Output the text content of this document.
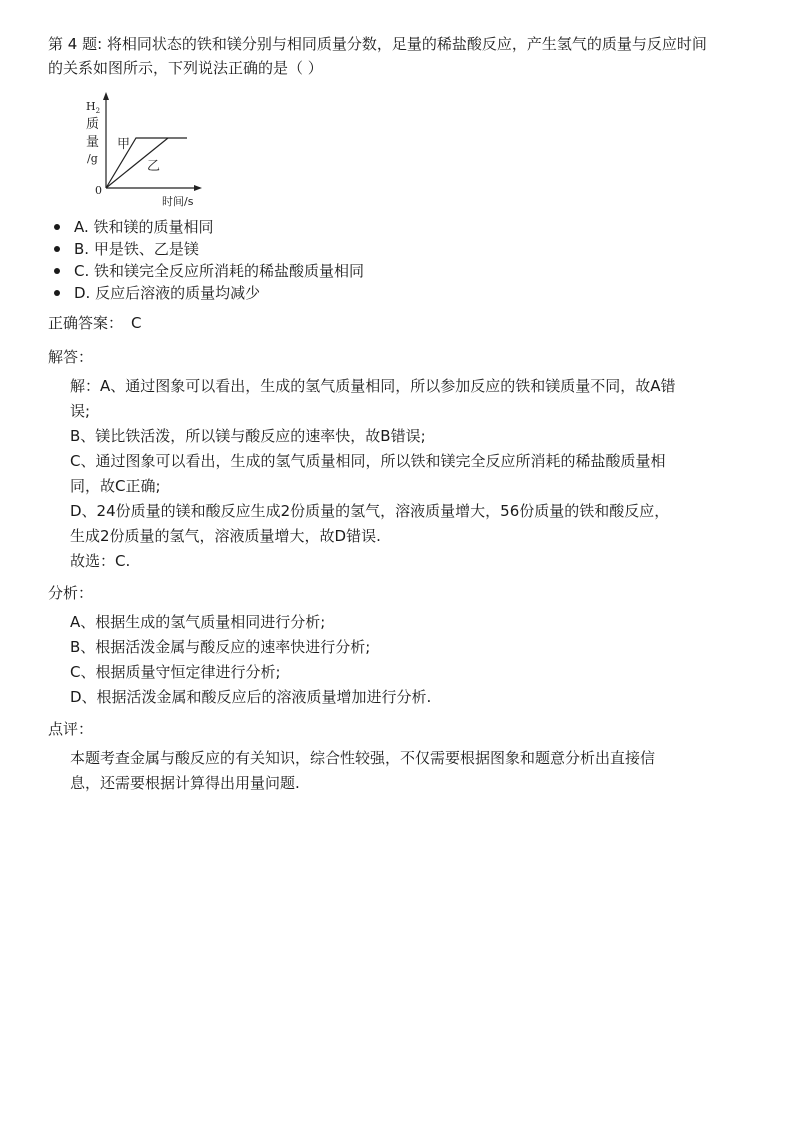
第 4 题: 将相同状态的铁和镁分别与相同质量分数，足量的稀盐酸反应，产生氢气的质量与反应时间
的关系如图所示，下列说法正确的是（ ）

$H_2$
质
量
/g
0
时间/s
甲
乙
A. 铁和镁的质量相同
B. 甲是铁、乙是镁
C. 铁和镁完全反应所消耗的稀盐酸质量相同
D. 反应后溶液的质量均减少
正确答案： C
解答：

解：A、通过图象可以看出，生成的氢气质量相同，所以参加反应的铁和镁质量不同，故A错
误;

B、镁比铁活泼，所以镁与酸反应的速率快，故B错误;

C、通过图象可以看出，生成的氢气质量相同，所以铁和镁完全反应所消耗的稀盐酸质量相
同，故C正确;

D、24份质量的镁和酸反应生成2份质量的氢气，溶液质量增大，56份质量的铁和酸反应，
生成2份质量的氢气，溶液质量增大，故D错误.

故选：C.

分析：

A、根据生成的氢气质量相同进行分析;

B、根据活泼金属与酸反应的速率快进行分析;

C、根据质量守恒定律进行分析;

D、根据活泼金属和酸反应后的溶液质量增加进行分析.

点评：

本题考查金属与酸反应的有关知识，综合性较强，不仅需要根据图象和题意分析出直接信
息，还需要根据计算得出用量问题.
